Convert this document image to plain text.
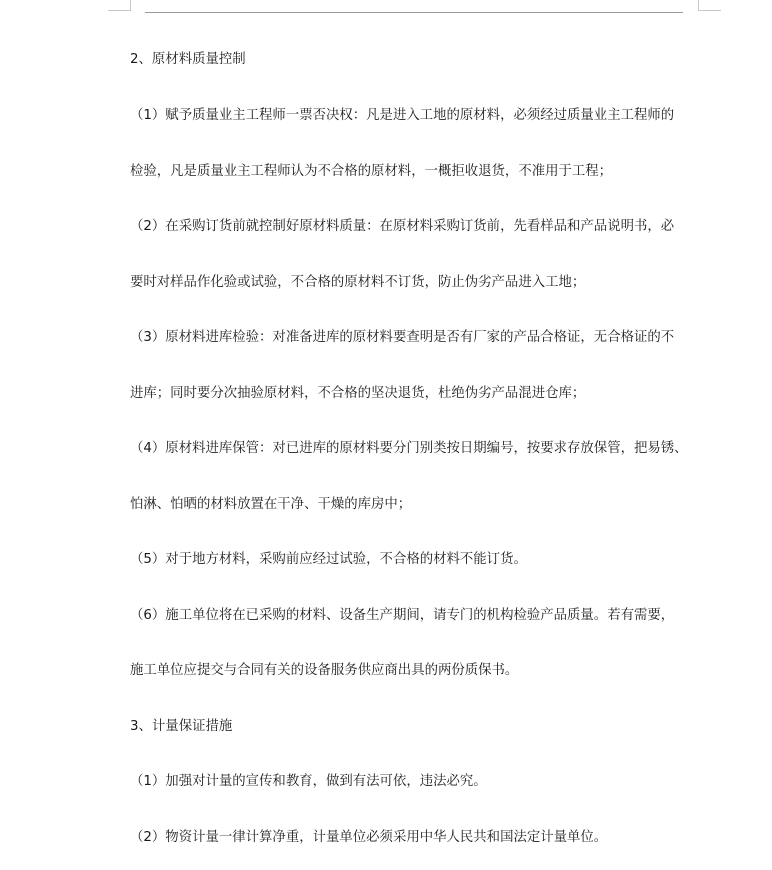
2、原材料质量控制
（1）赋予质量业主工程师一票否决权：凡是进入工地的原材料，必须经过质量业主工程师的
检验，凡是质量业主工程师认为不合格的原材料，一概拒收退货，不准用于工程；
（2）在采购订货前就控制好原材料质量：在原材料采购订货前，先看样品和产品说明书，必
要时对样品作化验或试验，不合格的原材料不订货，防止伪劣产品进入工地；
（3）原材料进库检验：对准备进库的原材料要查明是否有厂家的产品合格证，无合格证的不
进库；同时要分次抽验原材料，不合格的坚决退货，杜绝伪劣产品混进仓库；
（4）原材料进库保管：对已进库的原材料要分门别类按日期编号，按要求存放保管，把易锈、
怕淋、怕晒的材料放置在干净、干燥的库房中；
（5）对于地方材料，采购前应经过试验，不合格的材料不能订货。
（6）施工单位将在已采购的材料、设备生产期间，请专门的机构检验产品质量。若有需要，
施工单位应提交与合同有关的设备服务供应商出具的两份质保书。
3、计量保证措施
（1）加强对计量的宣传和教育，做到有法可依，违法必究。
（2）物资计量一律计算净重，计量单位必须采用中华人民共和国法定计量单位。
